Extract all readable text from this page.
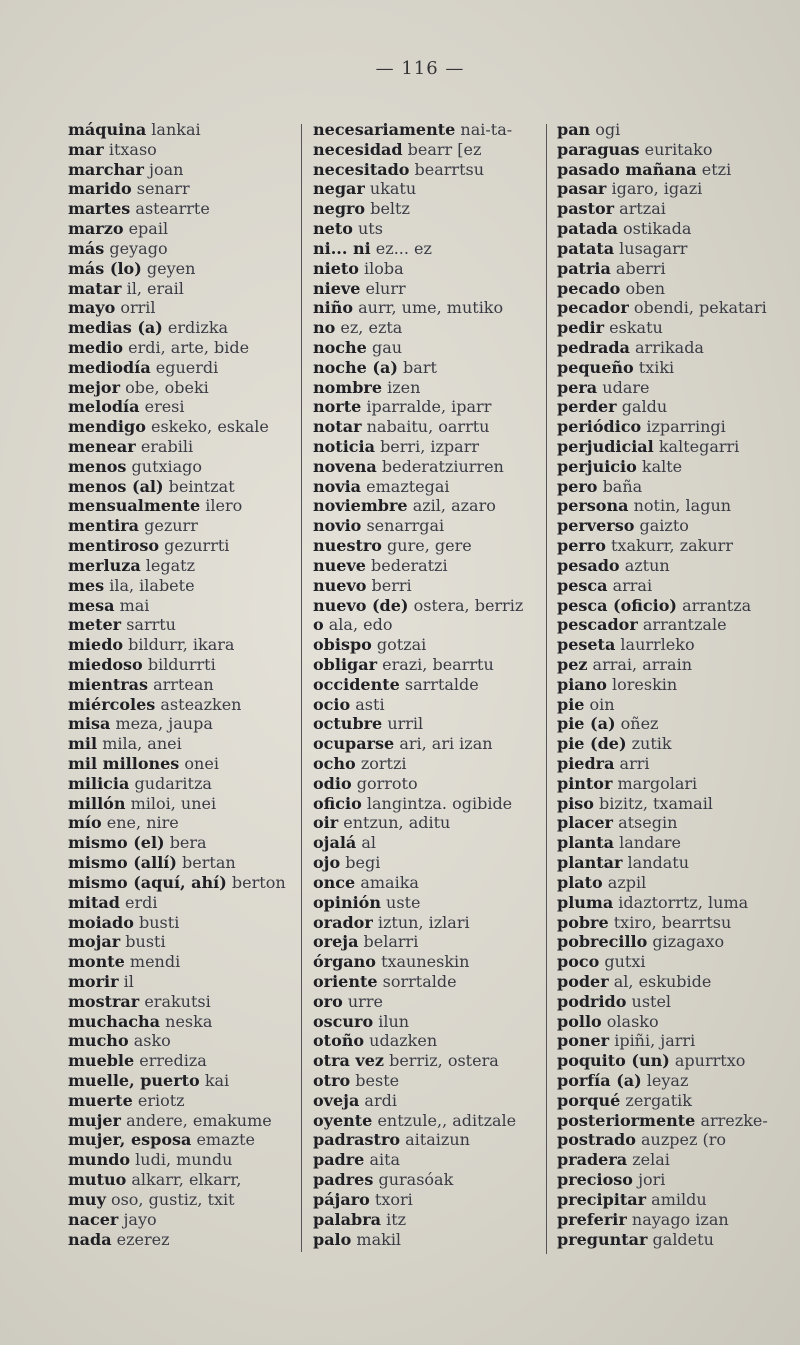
— 116 —
máquina lankai
mar itxaso
marchar joan
marido senarr
martes astearrte
marzo epail
más geyago
más (lo) geyen
matar il, erail
mayo orril
medias (a) erdizka
medio erdi, arte, bide
mediodía eguerdi
mejor obe, obeki
melodía eresi
mendigo eskeko, eskale
menear erabili
menos gutxiago
menos (al) beintzat
mensualmente ilero
mentira gezurr
mentiroso gezurrti
merluza legatz
mes ila, ilabete
mesa mai
meter sarrtu
miedo bildurr, ikara
miedoso bildurrti
mientras arrtean
miércoles asteazken
misa meza, jaupa
mil mila, anei
mil millones onei
milicia gudaritza
millón miloi, unei
mío ene, nire
mismo (el) bera
mismo (allí) bertan
mismo (aquí, ahí) berton
mitad erdi
moiado busti
mojar busti
monte mendi
morir il
mostrar erakutsi
muchacha neska
mucho asko
mueble errediza
muelle, puerto kai
muerte eriotz
mujer andere, emakume
mujer, esposa emazte
mundo ludi, mundu
mutuo alkarr, elkarr,
muy oso, gustiz, txit
nacer jayo
nada ezerez
necesariamente nai-ta-
necesidad bearr [ez
necesitado bearrtsu
negar ukatu
negro beltz
neto uts
ni... ni ez... ez
nieto iloba
nieve elurr
niño aurr, ume, mutiko
no ez, ezta
noche gau
noche (a) bart
nombre izen
norte iparralde, iparr
notar nabaitu, oarrtu
noticia berri, izparr
novena bederatziurren
novia emaztegai
noviembre azil, azaro
novio senarrgai
nuestro gure, gere
nueve bederatzi
nuevo berri
nuevo (de) ostera, berriz
o ala, edo
obispo gotzai
obligar erazi, bearrtu
occidente sarrtalde
ocio asti
octubre urril
ocuparse ari, ari izan
ocho zortzi
odio gorroto
oficio langintza. ogibide
oir entzun, aditu
ojalá al
ojo begi
once amaika
opinión uste
orador iztun, izlari
oreja belarri
órgano txauneskin
oriente sorrtalde
oro urre
oscuro ilun
otoño udazken
otra vez berriz, ostera
otro beste
oveja ardi
oyente entzule,, aditzale
padrastro aitaizun
padre aita
padres gurasóak
pájaro txori
palabra itz
palo makil
pan ogi
paraguas euritako
pasado mañana etzi
pasar igaro, igazi
pastor artzai
patada ostikada
patata lusagarr
patria aberri
pecado oben
pecador obendi, pekatari
pedir eskatu
pedrada arrikada
pequeño txiki
pera udare
perder galdu
periódico izparringi
perjudicial kaltegarri
perjuicio kalte
pero baña
persona notin, lagun
perverso gaizto
perro txakurr, zakurr
pesado aztun
pesca arrai
pesca (oficio) arrantza
pescador arrantzale
peseta laurrleko
pez arrai, arrain
piano loreskin
pie oin
pie (a) oñez
pie (de) zutik
piedra arri
pintor margolari
piso bizitz, txamail
placer atsegin
planta landare
plantar landatu
plato azpil
pluma idaztorrtz, luma
pobre txiro, bearrtsu
pobrecillo gizagaxo
poco gutxi
poder al, eskubide
podrido ustel
pollo olasko
poner ipiñi, jarri
poquito (un) apurrtxo
porfía (a) leyaz
porqué zergatik
posteriormente arrezke-
postrado auzpez (ro
pradera zelai
precioso jori
precipitar amildu
preferir nayago izan
preguntar galdetu
